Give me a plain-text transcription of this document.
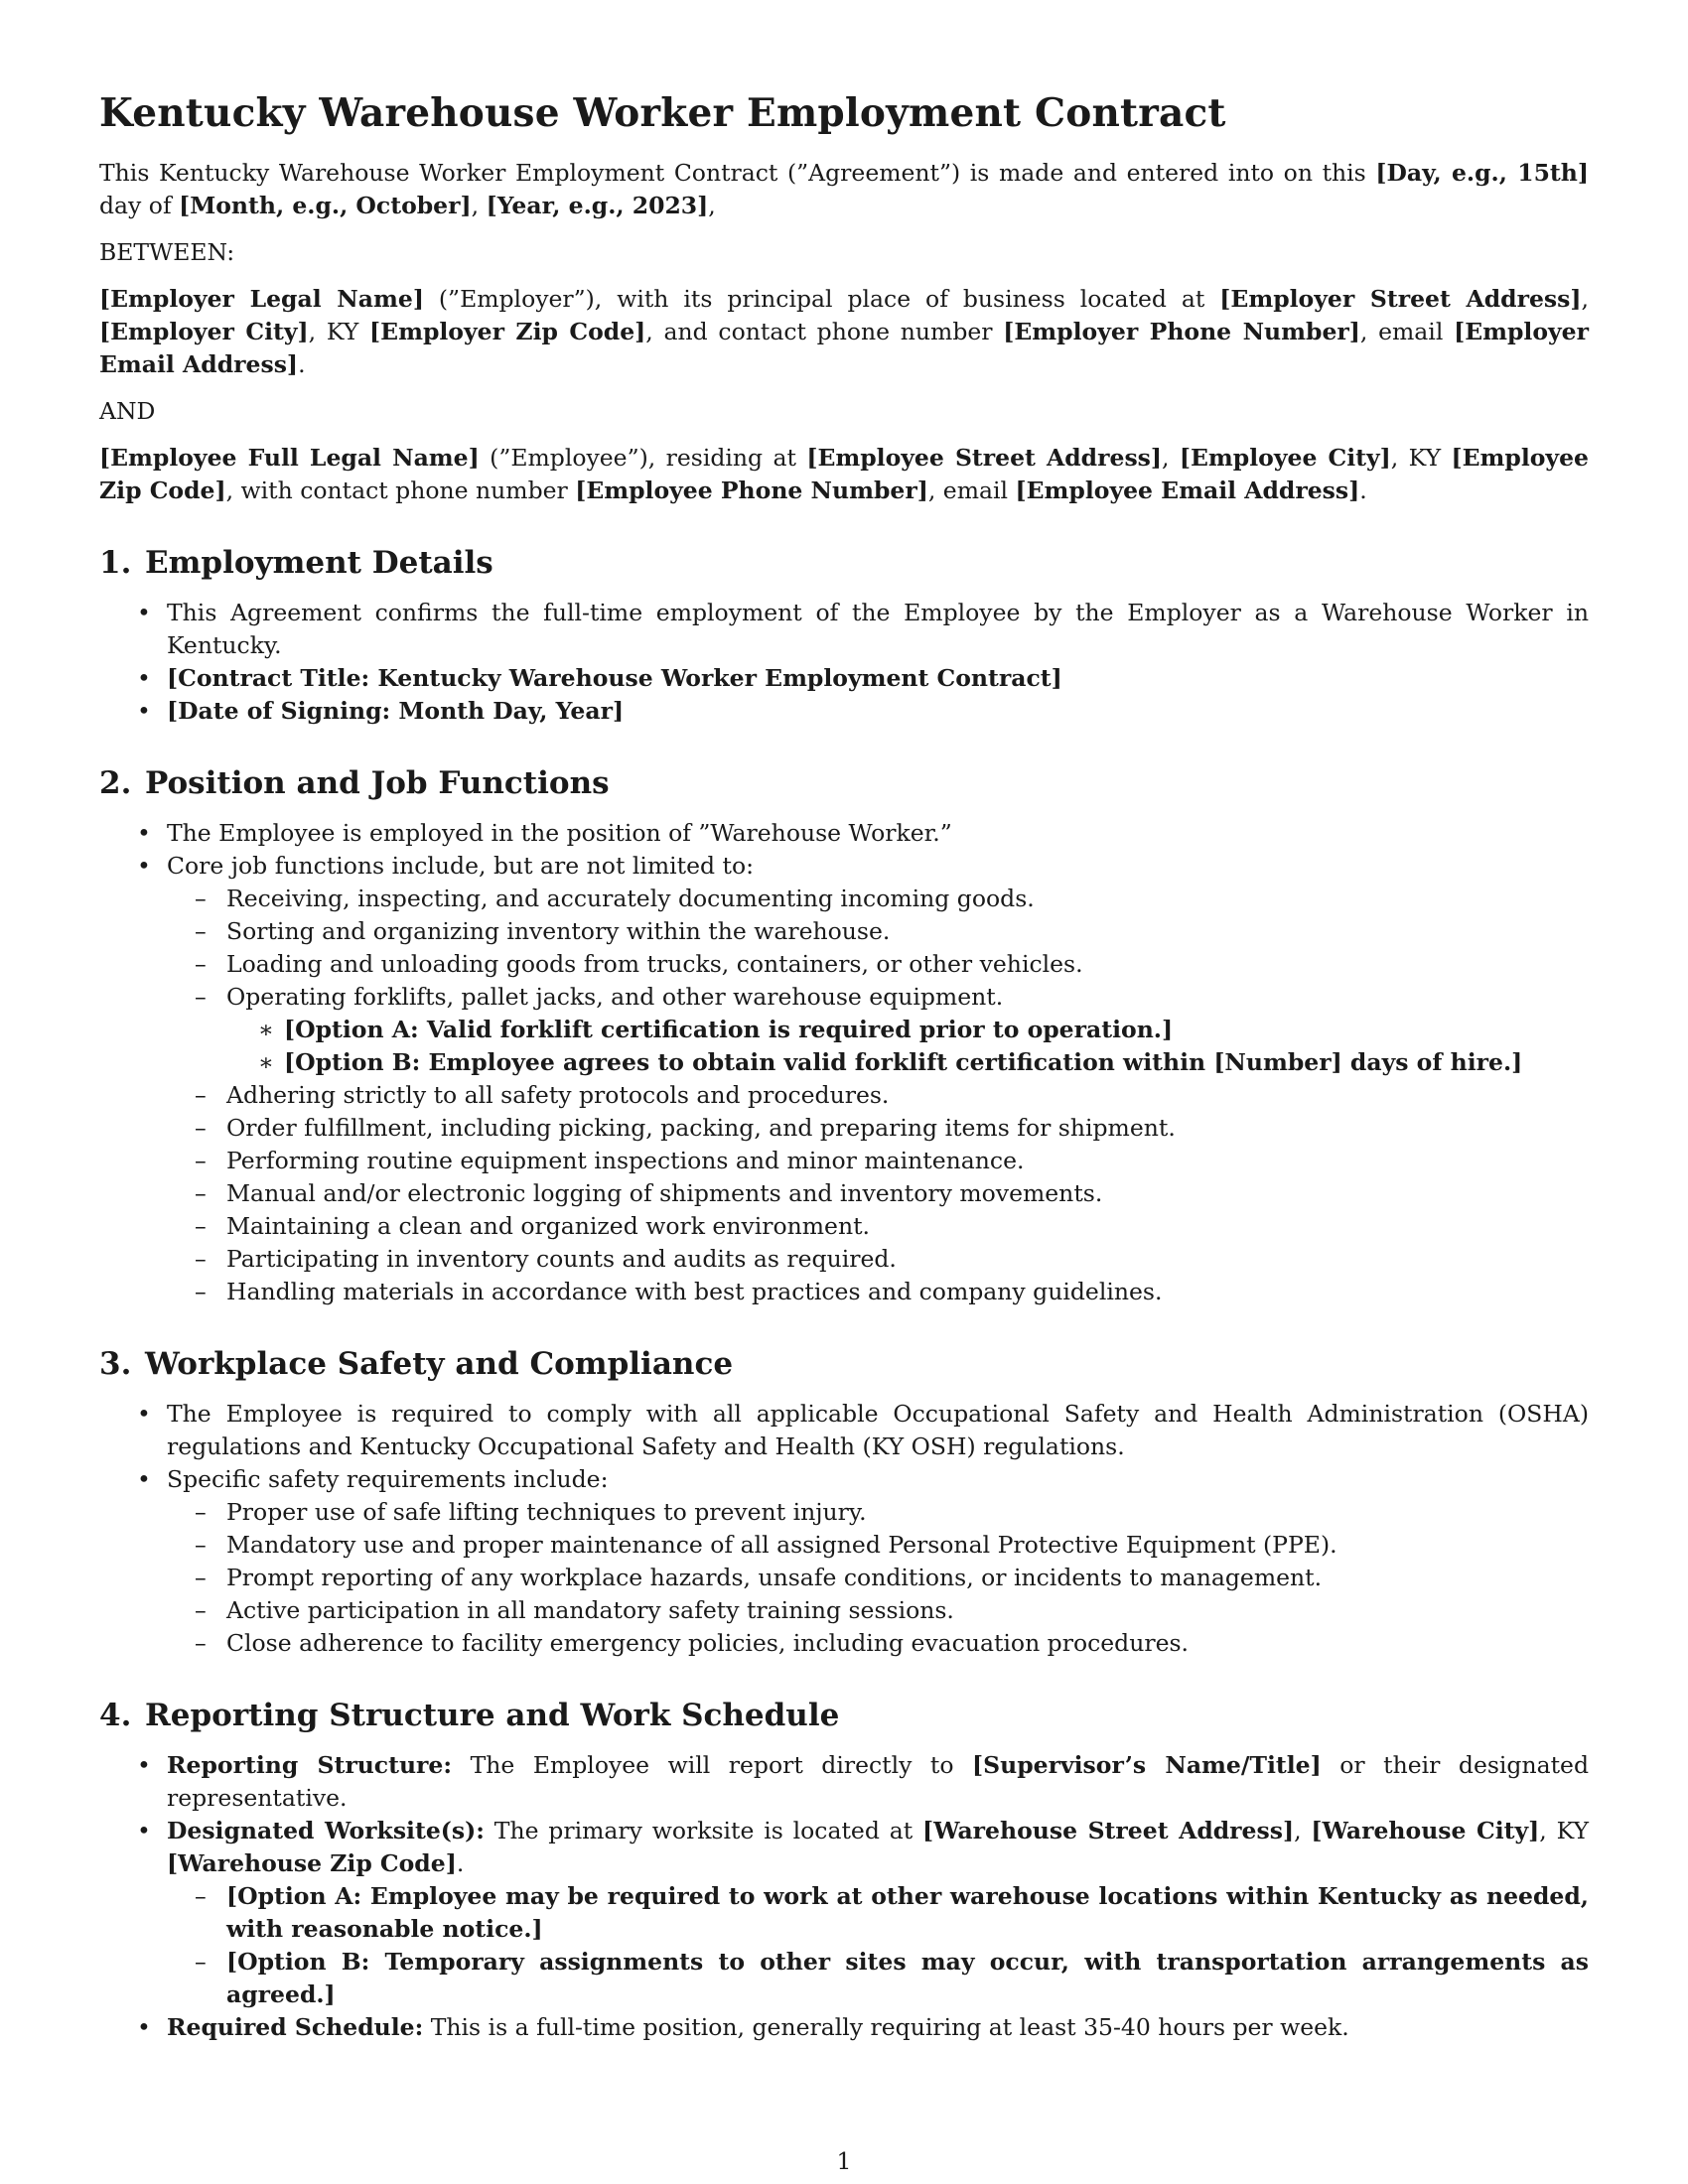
Kentucky Warehouse Worker Employment Contract

This Kentucky Warehouse Worker Employment Contract (”Agreement”) is made and entered into on this [Day, e.g., 15th] day of [Month, e.g., October], [Year, e.g., 2023],

BETWEEN:

[Employer Legal Name] (”Employer”), with its principal place of business located at [Employer Street Address], [Employer City], KY [Employer Zip Code], and contact phone number [Employer Phone Number], email [Employer Email Address].

AND

[Employee Full Legal Name] (”Employee”), residing at [Employee Street Address], [Employee City], KY [Employee Zip Code], with contact phone number [Employee Phone Number], email [Employee Email Address].

1. Employment Details
• This Agreement confirms the full-time employment of the Employee by the Employer as a Warehouse Worker in Kentucky.
• [Contract Title: Kentucky Warehouse Worker Employment Contract]
• [Date of Signing: Month Day, Year]
2. Position and Job Functions
• The Employee is employed in the position of ”Warehouse Worker.”
• Core job functions include, but are not limited to:
– Receiving, inspecting, and accurately documenting incoming goods.
– Sorting and organizing inventory within the warehouse.
– Loading and unloading goods from trucks, containers, or other vehicles.
– Operating forklifts, pallet jacks, and other warehouse equipment.
∗ [Option A: Valid forklift certification is required prior to operation.]
∗ [Option B: Employee agrees to obtain valid forklift certification within [Number] days of hire.]
– Adhering strictly to all safety protocols and procedures.
– Order fulfillment, including picking, packing, and preparing items for shipment.
– Performing routine equipment inspections and minor maintenance.
– Manual and/or electronic logging of shipments and inventory movements.
– Maintaining a clean and organized work environment.
– Participating in inventory counts and audits as required.
– Handling materials in accordance with best practices and company guidelines.
3. Workplace Safety and Compliance
• The Employee is required to comply with all applicable Occupational Safety and Health Administration (OSHA) regulations and Kentucky Occupational Safety and Health (KY OSH) regulations.
• Specific safety requirements include:
– Proper use of safe lifting techniques to prevent injury.
– Mandatory use and proper maintenance of all assigned Personal Protective Equipment (PPE).
– Prompt reporting of any workplace hazards, unsafe conditions, or incidents to management.
– Active participation in all mandatory safety training sessions.
– Close adherence to facility emergency policies, including evacuation procedures.
4. Reporting Structure and Work Schedule
• Reporting Structure: The Employee will report directly to [Supervisor’s Name/Title] or their designated representative.
• Designated Worksite(s): The primary worksite is located at [Warehouse Street Address], [Warehouse City], KY [Warehouse Zip Code].
– [Option A: Employee may be required to work at other warehouse locations within Kentucky as needed, with reasonable notice.]
– [Option B: Temporary assignments to other sites may occur, with transportation arrangements as agreed.]
• Required Schedule: This is a full-time position, generally requiring at least 35-40 hours per week.
1
